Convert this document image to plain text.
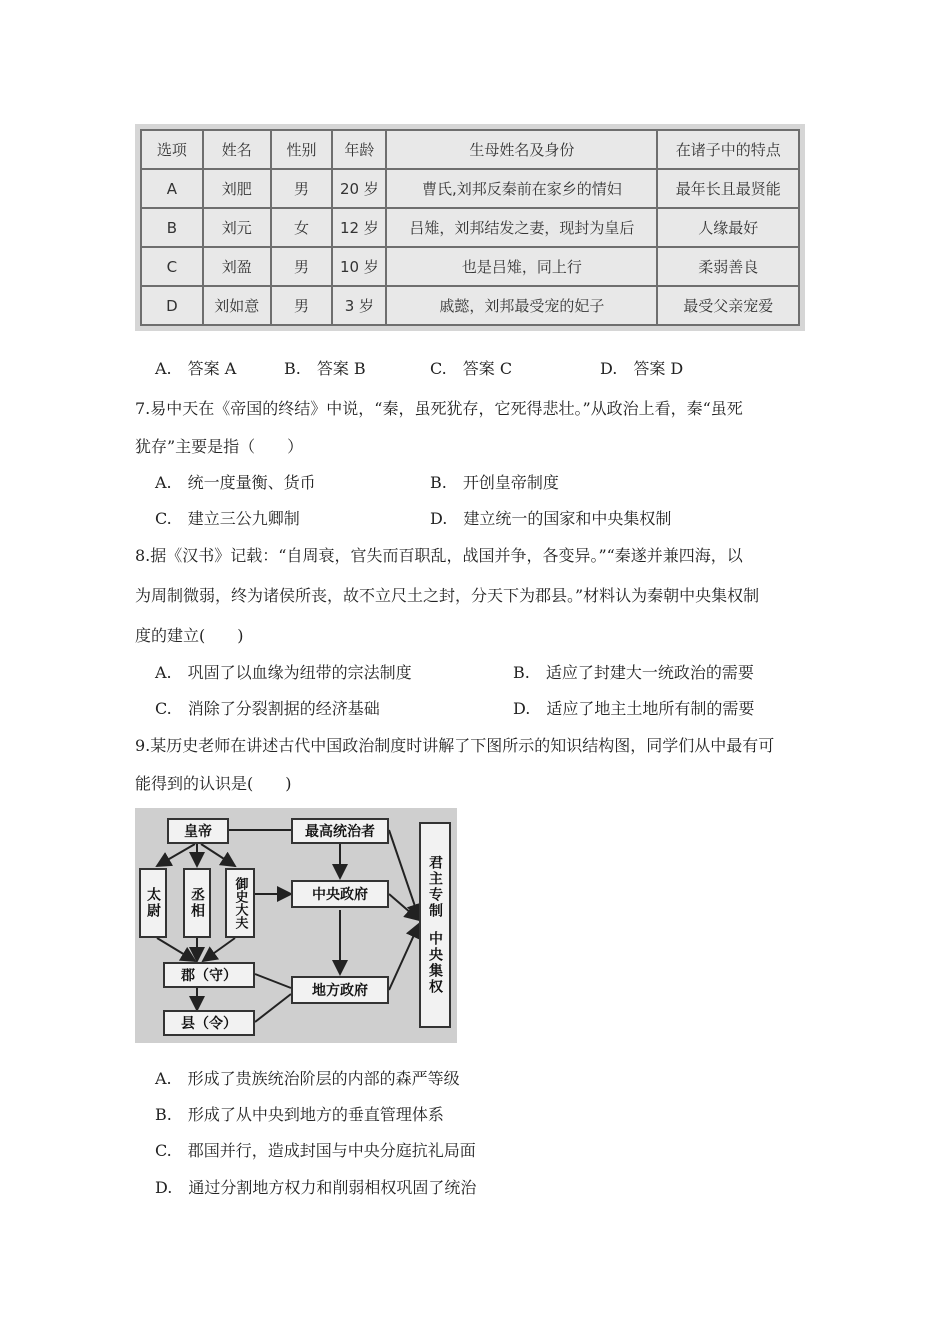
选项	姓名	性别	年龄	生母姓名及身份	在诸子中的特点
A	刘肥	男	20 岁	曹氏,刘邦反秦前在家乡的情妇	最年长且最贤能
B	刘元	女	12 岁	吕雉，刘邦结发之妻，现封为皇后	人缘最好
C	刘盈	男	10 岁	也是吕雉，同上行	柔弱善良
D	刘如意	男	3 岁	戚懿，刘邦最受宠的妃子	最受父亲宠爱
A.　答案 A	B.　答案 B	C.　答案 C	D.　答案 D
7.易中天在《帝国的终结》中说，“秦，虽死犹存，它死得悲壮。”从政治上看，秦“虽死
犹存”主要是指（　　）
A.　统一度量衡、货币	B.　开创皇帝制度
C.　建立三公九卿制	D.　建立统一的国家和中央集权制
8.据《汉书》记载：“自周衰，官失而百职乱，战国并争，各变异。”“秦遂并兼四海，以
为周制微弱，终为诸侯所丧，故不立尺土之封，分天下为郡县。”材料认为秦朝中央集权制
度的建立(　　)
A.　巩固了以血缘为纽带的宗法制度	B.　适应了封建大一统政治的需要
C.　消除了分裂割据的经济基础	D.　适应了地主土地所有制的需要
9.某历史老师在讲述古代中国政治制度时讲解了下图所示的知识结构图，同学们从中最有可
能得到的认识是(　　)
皇帝	最高统治者
太尉	丞相	御史大夫	中央政府
郡（守）
地方政府
县（令）
君主专制
中央集权
A.　形成了贵族统治阶层的内部的森严等级
B.　形成了从中央到地方的垂直管理体系
C.　郡国并行，造成封国与中央分庭抗礼局面
D.　通过分割地方权力和削弱相权巩固了统治
